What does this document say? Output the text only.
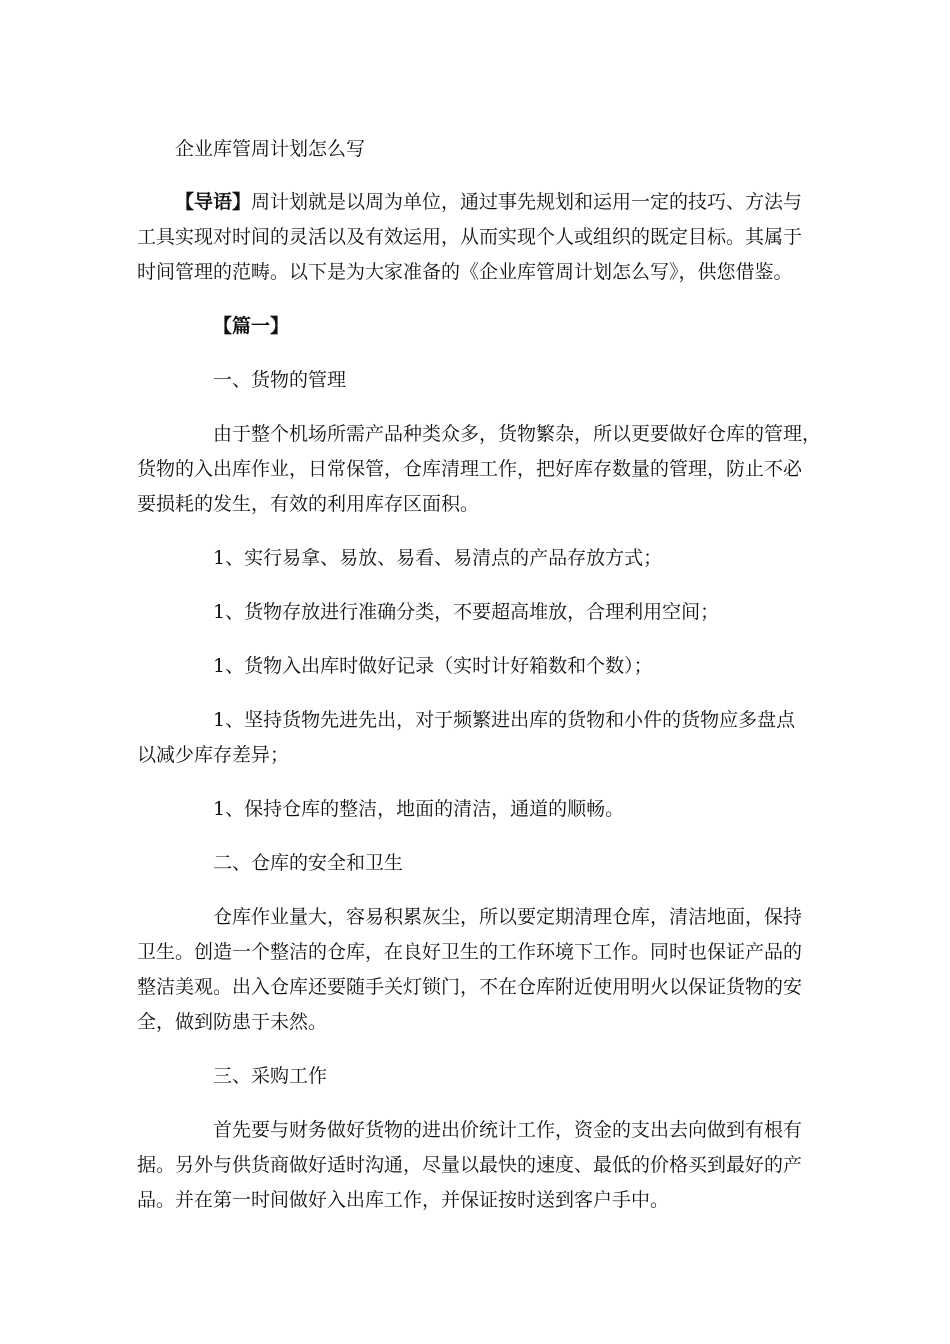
企业库管周计划怎么写
【导语】周计划就是以周为单位，通过事先规划和运用一定的技巧、方法与
工具实现对时间的灵活以及有效运用，从而实现个人或组织的既定目标。其属于
时间管理的范畴。以下是为大家准备的《企业库管周计划怎么写》，供您借鉴。
【篇一】
一、货物的管理
由于整个机场所需产品种类众多，货物繁杂，所以更要做好仓库的管理，
货物的入出库作业，日常保管，仓库清理工作，把好库存数量的管理，防止不必
要损耗的发生，有效的利用库存区面积。
1、实行易拿、易放、易看、易清点的产品存放方式；
1、货物存放进行准确分类，不要超高堆放，合理利用空间；
1、货物入出库时做好记录（实时计好箱数和个数）；
1、坚持货物先进先出，对于频繁进出库的货物和小件的货物应多盘点
以减少库存差异；
1、保持仓库的整洁，地面的清洁，通道的顺畅。
二、仓库的安全和卫生
仓库作业量大，容易积累灰尘，所以要定期清理仓库，清洁地面，保持
卫生。创造一个整洁的仓库，在良好卫生的工作环境下工作。同时也保证产品的
整洁美观。出入仓库还要随手关灯锁门，不在仓库附近使用明火以保证货物的安
全，做到防患于未然。
三、采购工作
首先要与财务做好货物的进出价统计工作，资金的支出去向做到有根有
据。另外与供货商做好适时沟通，尽量以最快的速度、最低的价格买到最好的产
品。并在第一时间做好入出库工作，并保证按时送到客户手中。
